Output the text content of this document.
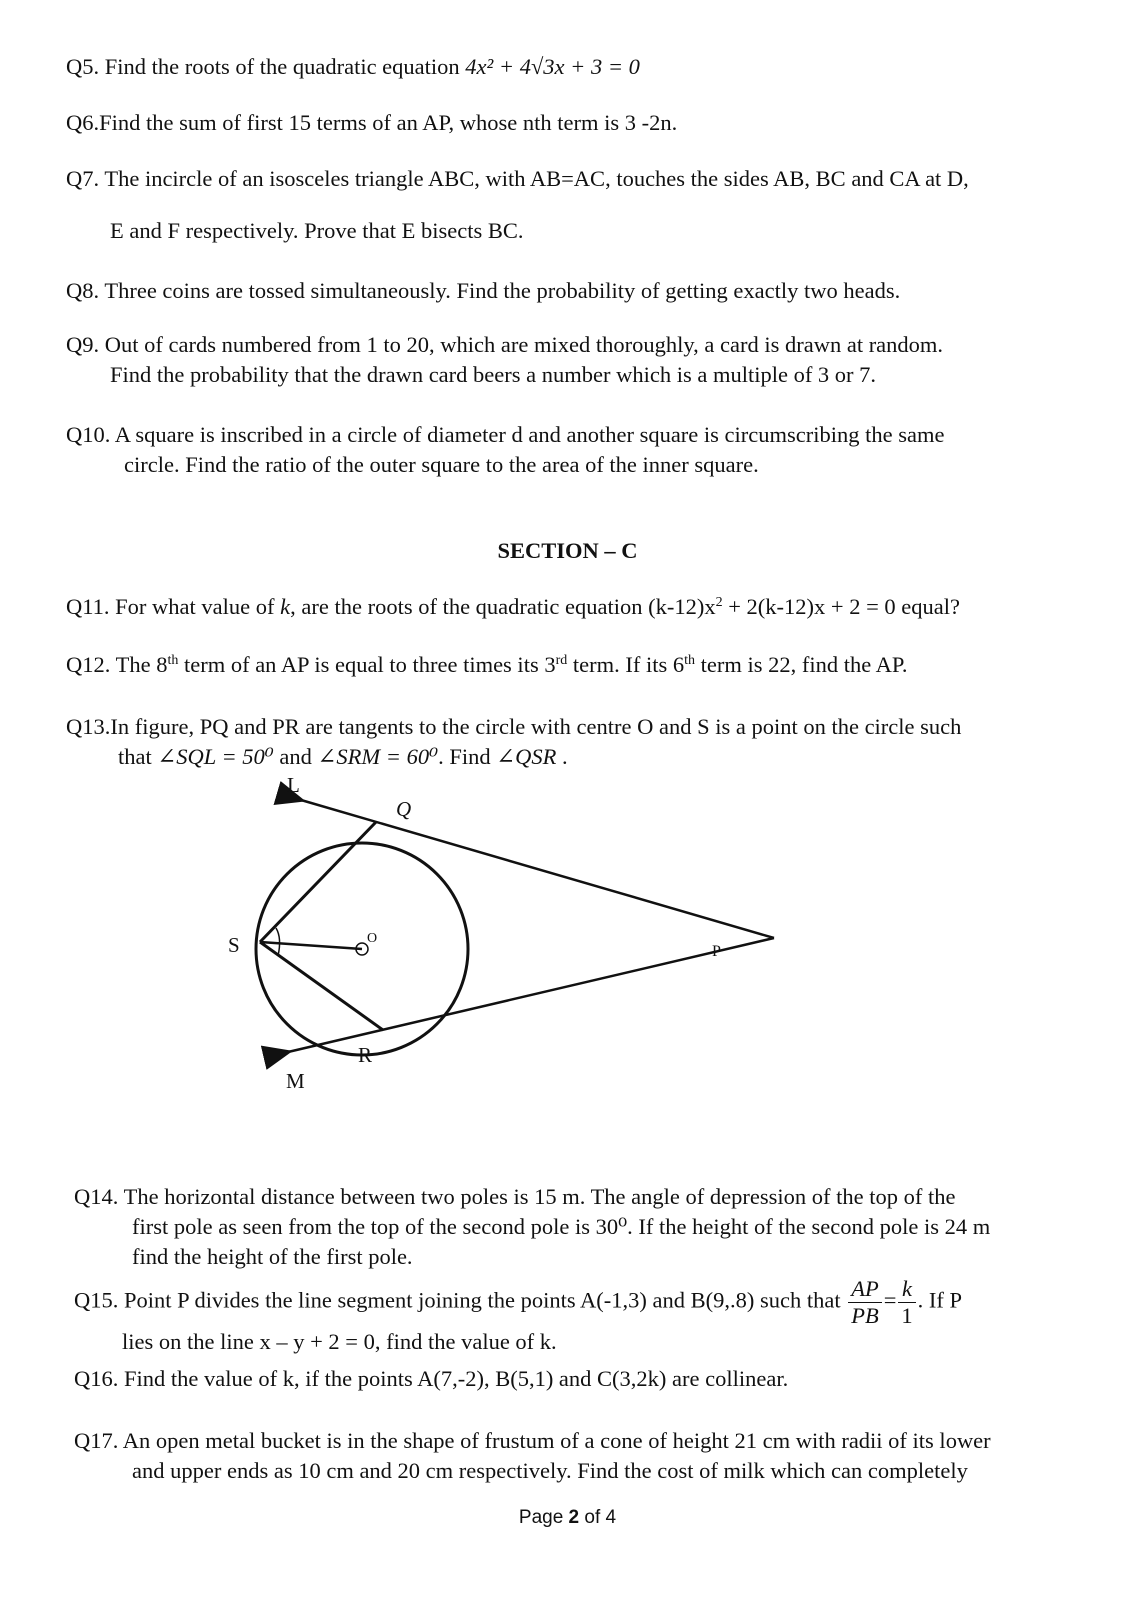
Q5. Find the roots of the quadratic equation 4x² + 4√3x + 3 = 0
Q6.Find the sum of first 15 terms of an AP, whose nth term is 3 -2n.
Q7. The incircle of an isosceles triangle ABC, with AB=AC, touches the sides AB, BC and CA at D,
E and F respectively. Prove that E bisects BC.
Q8. Three coins are tossed simultaneously. Find the probability of getting exactly two heads.
Q9. Out of cards numbered from 1 to 20, which are mixed thoroughly, a card is drawn at random.
Find the probability that the drawn card beers a number which is a multiple of 3 or 7.
Q10. A square is inscribed in a circle of diameter d and another square is circumscribing the same
circle. Find the ratio of the outer square to the area of the inner square.
SECTION – C
Q11. For what value of k, are the roots of the quadratic equation $(k-12)x^2 + 2(k-12)x + 2 = 0$ equal?
Q12. The 8th term of an AP is equal to three times its 3rd term. If its 6th term is 22, find the AP.
Q13.In figure, PQ and PR are tangents to the circle with centre O and S is a point on the circle such
that ∠SQL = 50⁰ and ∠SRM = 60⁰. Find ∠QSR .
L
Q
S	O
P
R
M
Q14. The horizontal distance between two poles is 15 m. The angle of depression of the top of the
first pole as seen from the top of the second pole is 30⁰. If the height of the second pole is 24 m
find the height of the first pole.
Q15. Point P divides the line segment joining the points A(-1,3) and B(9,.8) such that $\frac{AP}{PB} = \frac{k}{1}$ . If P
lies on the line x – y + 2 = 0, find the value of k.
Q16. Find the value of k, if the points A(7,-2), B(5,1) and C(3,2k) are collinear.
Q17. An open metal bucket is in the shape of frustum of a cone of height 21 cm with radii of its lower
and upper ends as 10 cm and 20 cm respectively. Find the cost of milk which can completely
Page 2 of 4
